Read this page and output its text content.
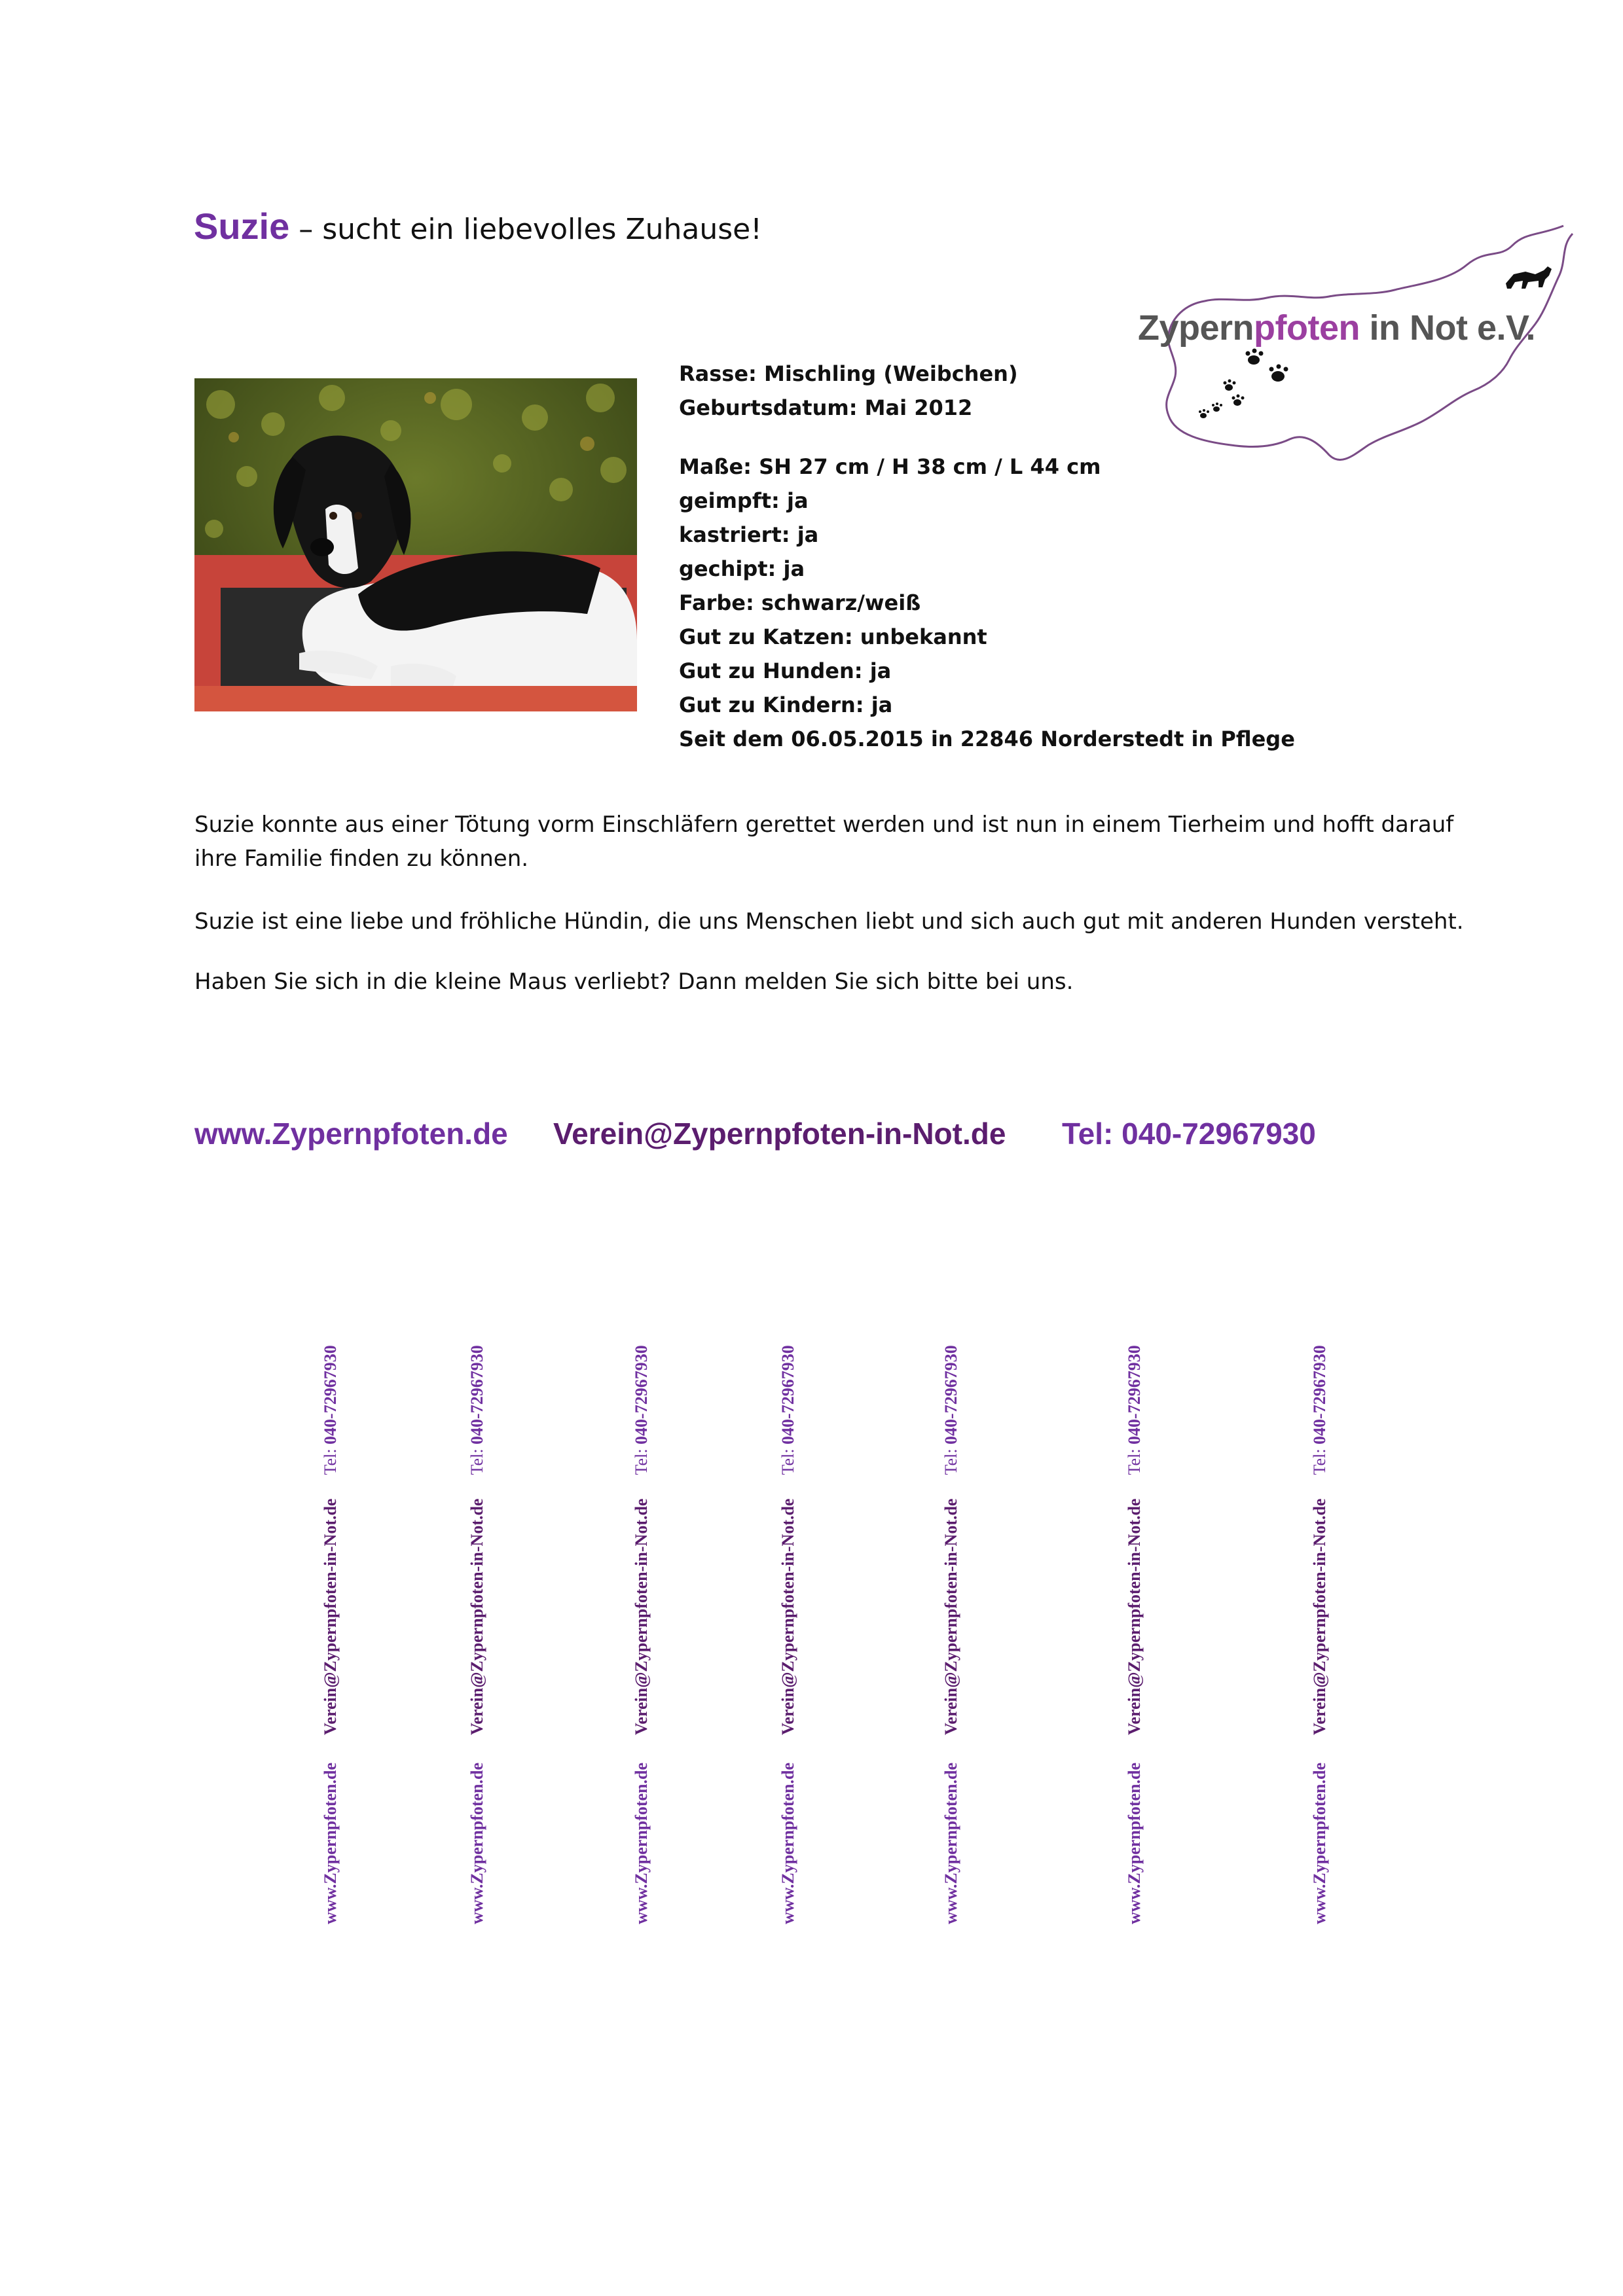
Suzie – sucht ein liebevolles Zuhause!
Zypernpfoten in Not e.V.
Rasse: Mischling (Weibchen)
Geburtsdatum: Mai 2012
Maße: SH 27 cm / H 38 cm / L 44 cm
geimpft: ja
kastriert: ja
gechipt: ja
Farbe: schwarz/weiß
Gut zu Katzen: unbekannt
Gut zu Hunden: ja
Gut zu Kindern: ja
Seit dem 06.05.2015 in 22846 Norderstedt in Pflege
Suzie konnte aus einer Tötung vorm Einschläfern gerettet werden und ist nun in einem Tierheim und hofft darauf ihre Familie finden zu können.
Suzie ist eine liebe und fröhliche Hündin, die uns Menschen liebt und sich auch gut mit anderen Hunden versteht.
Haben Sie sich in die kleine Maus verliebt? Dann melden Sie sich bitte bei uns.
www.Zypernpfoten.de Verein@Zypernpfoten-in-Not.de Tel: 040-72967930
www.Zypernpfoten.de
Verein@Zypernpfoten-in-Not.de
Tel: 040-72967930
www.Zypernpfoten.de
Verein@Zypernpfoten-in-Not.de
Tel: 040-72967930
www.Zypernpfoten.de
Verein@Zypernpfoten-in-Not.de
Tel: 040-72967930
www.Zypernpfoten.de
Verein@Zypernpfoten-in-Not.de
Tel: 040-72967930
www.Zypernpfoten.de
Verein@Zypernpfoten-in-Not.de
Tel: 040-72967930
www.Zypernpfoten.de
Verein@Zypernpfoten-in-Not.de
Tel: 040-72967930
www.Zypernpfoten.de
Verein@Zypernpfoten-in-Not.de
Tel: 040-72967930
